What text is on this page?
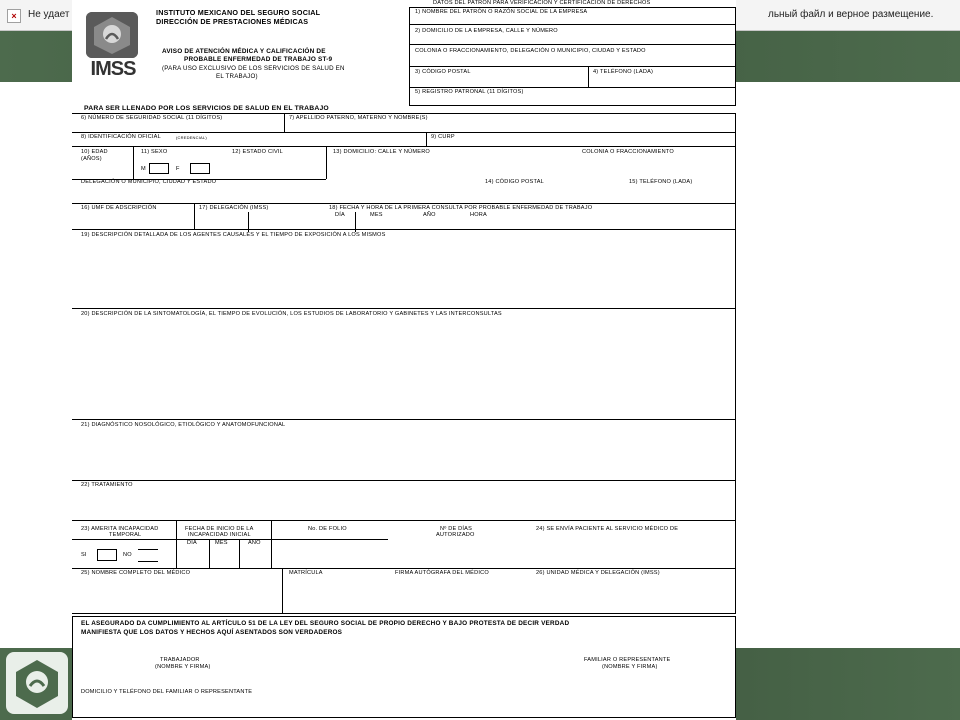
×	Не удает	льный файл и верное размещение.
IMSS
INSTITUTO MEXICANO DEL SEGURO SOCIAL
DIRECCIÓN DE PRESTACIONES MÉDICAS
AVISO DE ATENCIÓN MÉDICA Y CALIFICACIÓN DE
PROBABLE ENFERMEDAD DE TRABAJO ST-9
(PARA USO EXCLUSIVO DE LOS SERVICIOS DE SALUD EN
EL TRABAJO)
DATOS DEL PATRÓN PARA VERIFICACIÓN Y CERTIFICACIÓN DE DERECHOS
1) NOMBRE DEL PATRÓN O RAZÓN SOCIAL DE LA EMPRESA
2) DOMICILIO DE LA EMPRESA, CALLE Y NÚMERO
COLONIA O FRACCIONAMIENTO, DELEGACIÓN O MUNICIPIO, CIUDAD Y ESTADO
3) CÓDIGO POSTAL	4) TELÉFONO (LADA)
5) REGISTRO PATRONAL (11 DÍGITOS)
PARA SER LLENADO POR LOS SERVICIOS DE SALUD EN EL TRABAJO
6) NÚMERO DE SEGURIDAD SOCIAL (11 DÍGITOS)	7) APELLIDO PATERNO, MATERNO Y NOMBRE(S)
8) IDENTIFICACIÓN OFICIAL	(CREDENCIAL)	9) CURP
10) EDAD
(AÑOS)
11) SEXO
M	F
12) ESTADO CIVIL	13) DOMICILIO: CALLE Y NÚMERO	COLONIA O FRACCIONAMIENTO
DELEGACIÓN O MUNICIPIO, CIUDAD Y ESTADO	14) CÓDIGO POSTAL	15) TELÉFONO (LADA)
16) UMF DE ADSCRIPCIÓN	17) DELEGACIÓN (IMSS)	18) FECHA Y HORA DE LA PRIMERA CONSULTA POR PROBABLE ENFERMEDAD DE TRABAJO
DÍA	MES	AÑO	HORA
19) DESCRIPCIÓN DETALLADA DE LOS AGENTES CAUSALES Y EL TIEMPO DE EXPOSICIÓN A LOS MISMOS
20) DESCRIPCIÓN DE LA SINTOMATOLOGÍA, EL TIEMPO DE EVOLUCIÓN, LOS ESTUDIOS DE LABORATORIO Y GABINETES Y LAS INTERCONSULTAS
21) DIAGNÓSTICO NOSOLÓGICO, ETIOLÓGICO Y ANATOMOFUNCIONAL
22) TRATAMIENTO
23) AMERITA INCAPACIDAD
TEMPORAL
FECHA DE INICIO DE LA
INCAPACIDAD INICIAL
DÍA	MES	AÑO
No. DE FOLIO	Nº DE DÍAS
AUTORIZADO
24) SE ENVÍA PACIENTE AL SERVICIO MÉDICO DE
SI	NO
25) NOMBRE COMPLETO DEL MÉDICO	MATRÍCULA	FIRMA AUTÓGRAFA DEL MÉDICO	26) UNIDAD MÉDICA Y DELEGACIÓN (IMSS)
EL ASEGURADO DA CUMPLIMIENTO AL ARTÍCULO 51 DE LA LEY DEL SEGURO SOCIAL DE PROPIO DERECHO Y BAJO PROTESTA DE DECIR VERDAD
MANIFIESTA QUE LOS DATOS Y HECHOS AQUÍ ASENTADOS SON VERDADEROS
TRABAJADOR
(NOMBRE Y FIRMA)
FAMILIAR O REPRESENTANTE
(NOMBRE Y FIRMA)
DOMICILIO Y TELÉFONO DEL FAMILIAR O REPRESENTANTE
